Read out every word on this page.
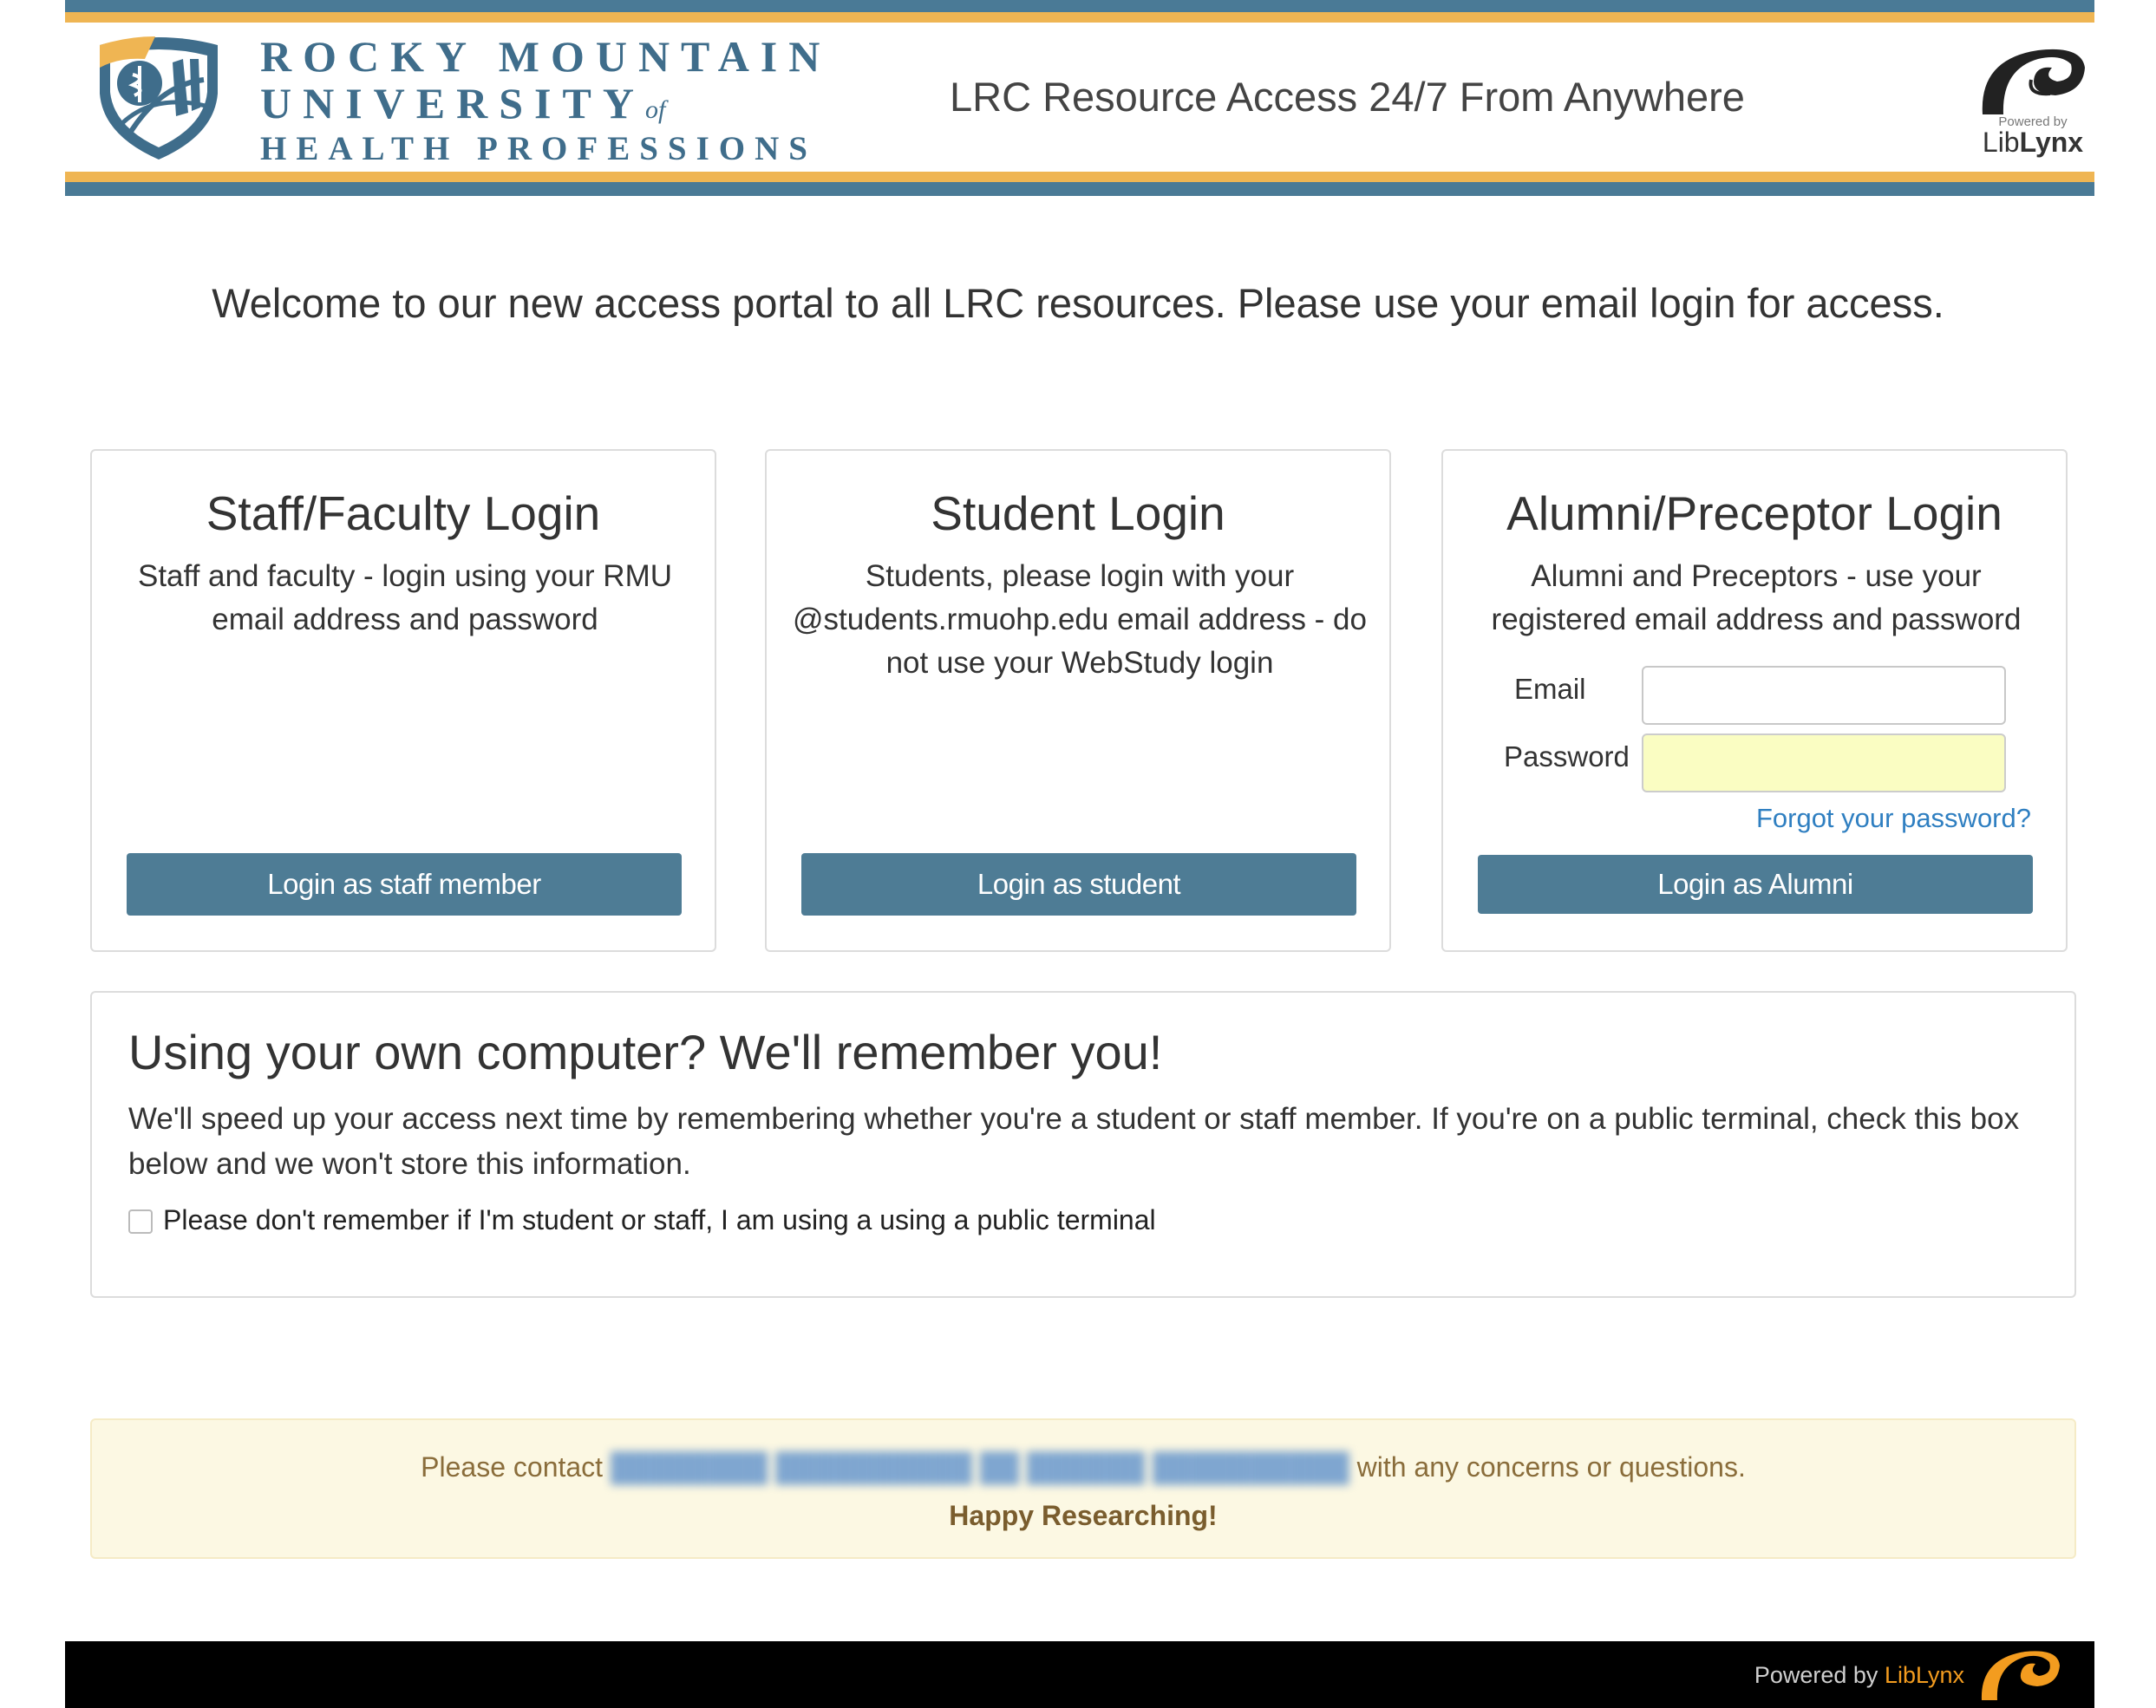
ROCKY MOUNTAIN
UNIVERSITYof
HEALTH PROFESSIONS
LRC Resource Access 24/7 From Anywhere
Powered by
LibLynx
Welcome to our new access portal to all LRC resources. Please use your email login for access.
Staff/Faculty Login
Staff and faculty - login using your RMU email address and password
Login as staff member
Student Login
Students, please login with your @students.rmuohp.edu email address - do not use your WebStudy login
Login as student
Alumni/Preceptor Login
Alumni and Preceptors - use your registered email address and password
Email
Password
Forgot your password?
Login as Alumni
Using your own computer? We'll remember you!
We'll speed up your access next time by remembering whether you're a student or staff member. If you're on a public terminal, check this box below and we won't store this information.
Please don't remember if I'm student or staff, I am using a using a public terminal
Please contact ████████ ██████████ ██ ██████ ██████████ with any concerns or questions.
Happy Researching!
Powered by LibLynx
